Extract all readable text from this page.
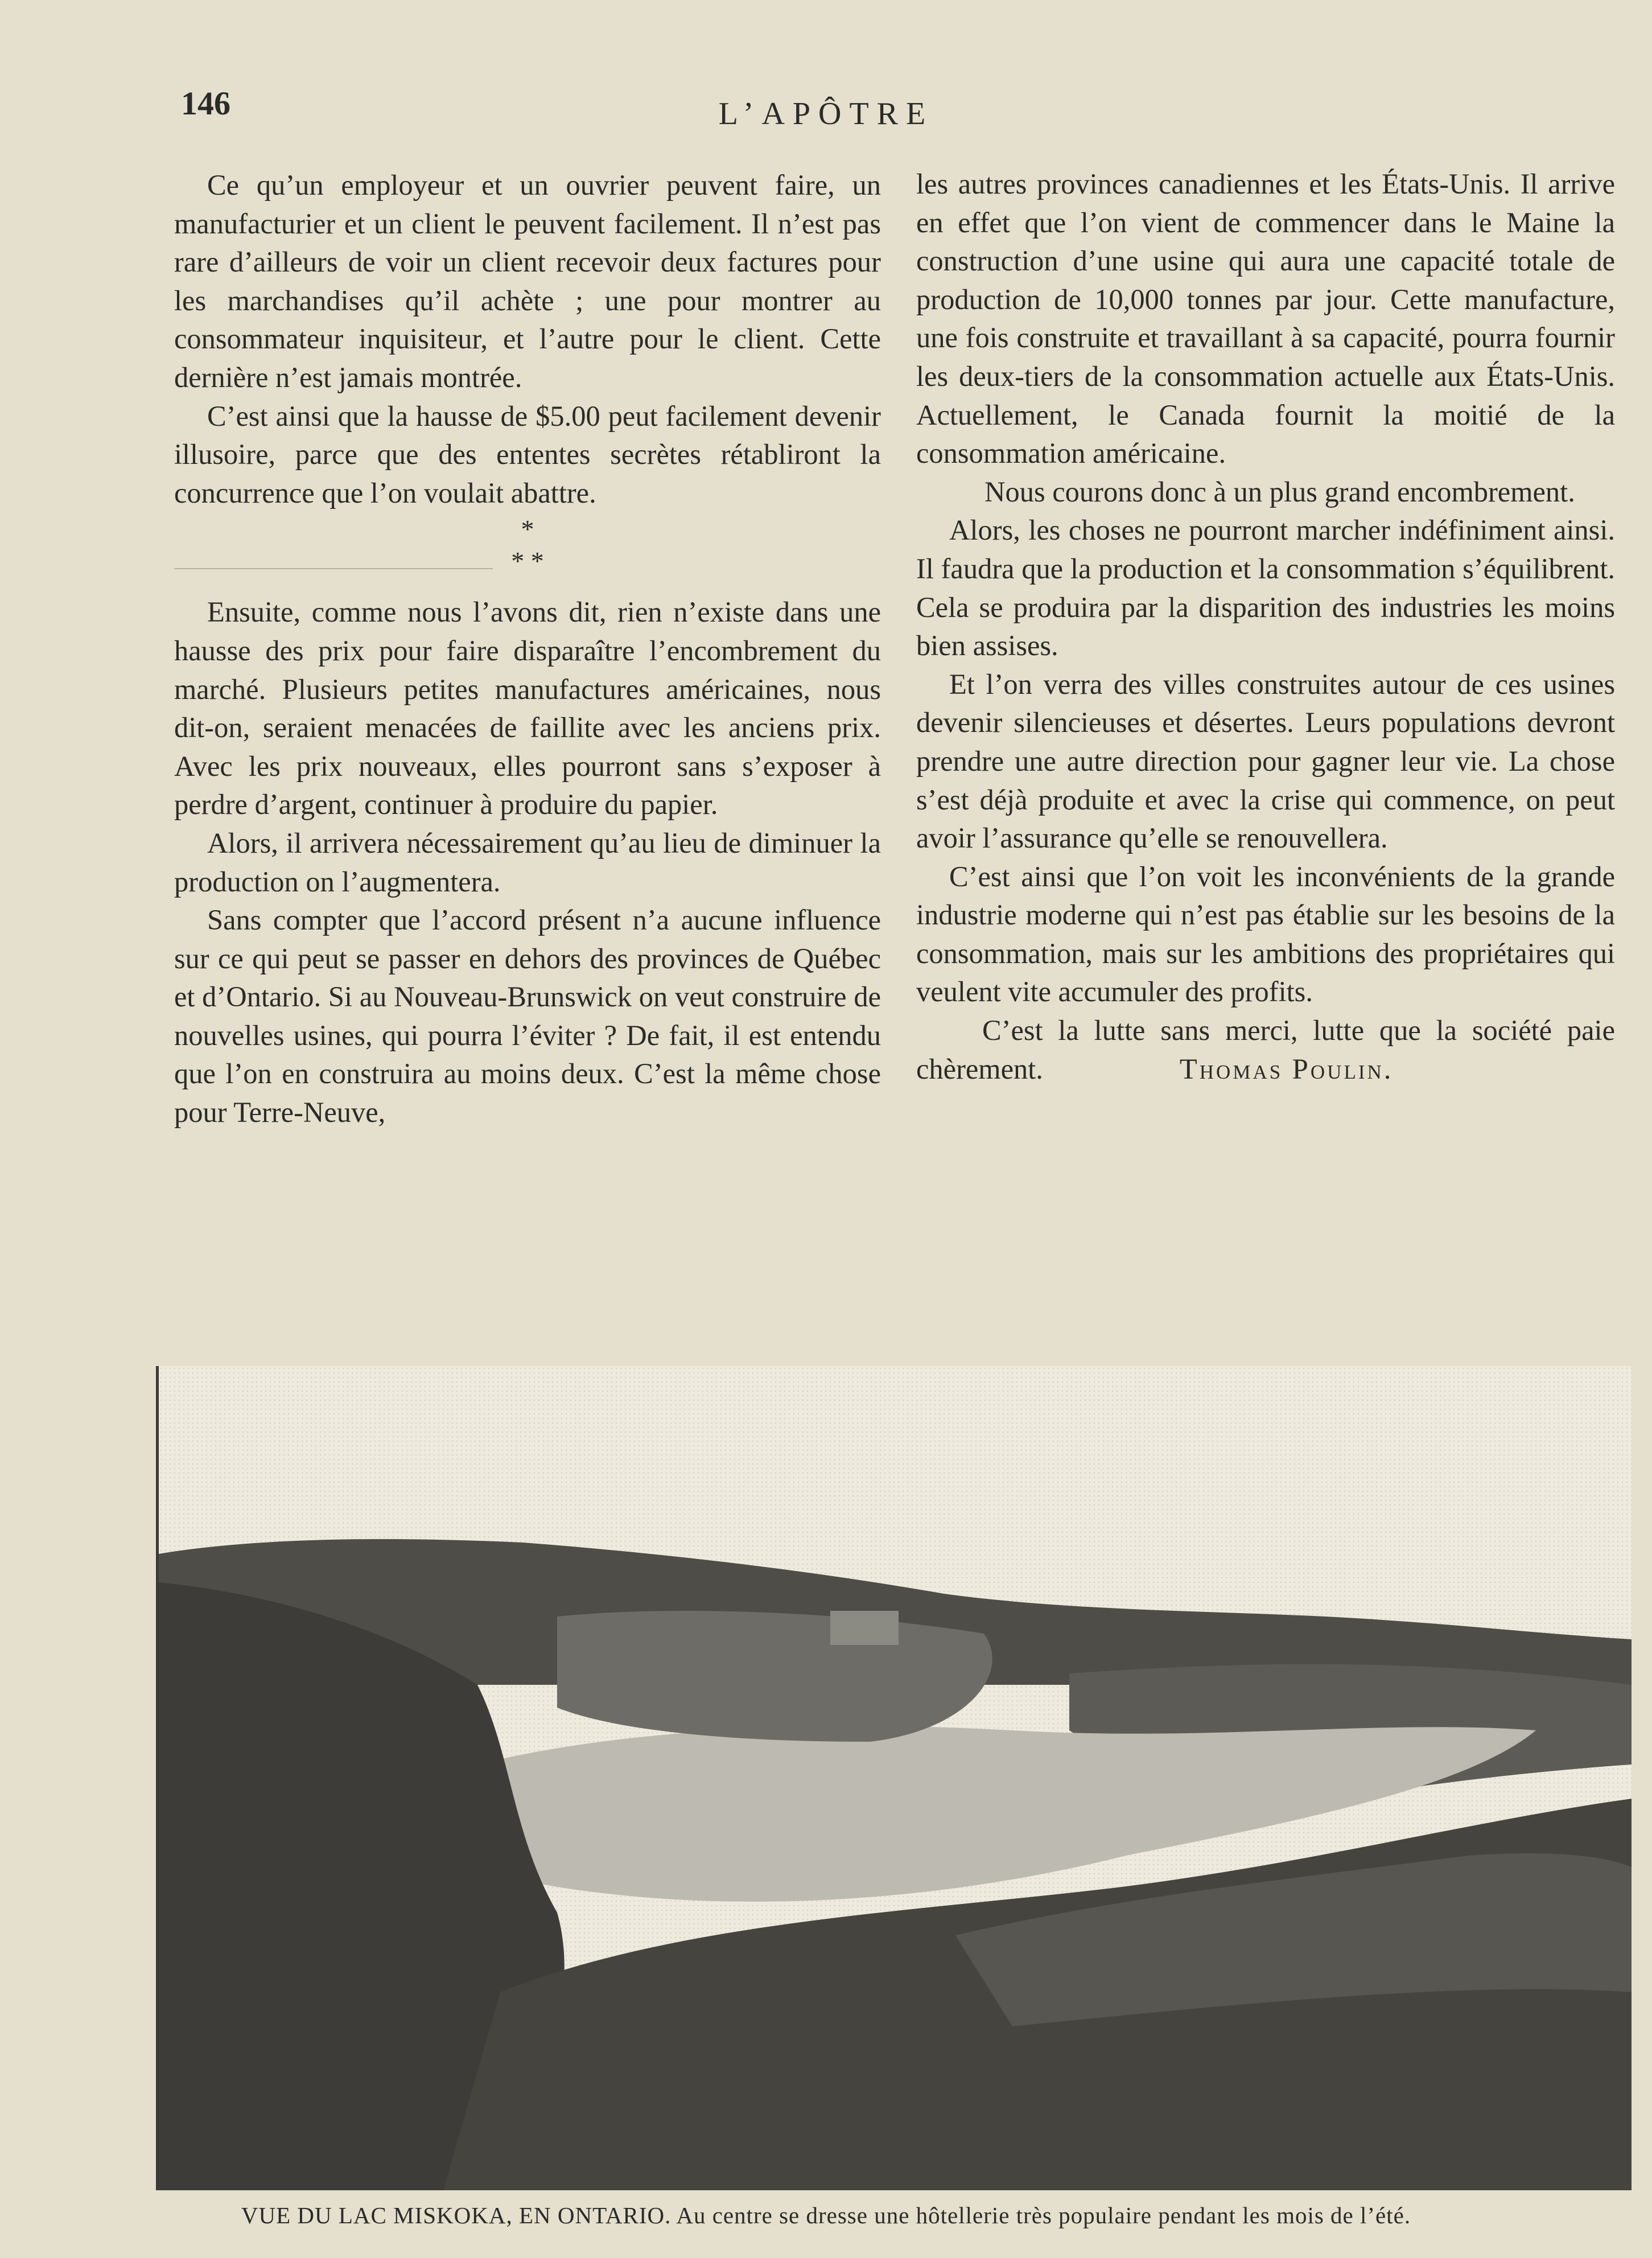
146	L’APÔTRE

Ce qu’un employeur et un ouvrier peuvent faire, un manufacturier et un client le peuvent facilement. Il n’est pas rare d’ailleurs de voir un client recevoir deux factures pour les marchandises qu’il achète ; une pour montrer au consommateur inquisiteur, et l’autre pour le client. Cette dernière n’est jamais montrée.

C’est ainsi que la hausse de $5.00 peut facilement devenir illusoire, parce que des ententes secrètes rétabliront la concurrence que l’on voulait abattre.

*
* *

Ensuite, comme nous l’avons dit, rien n’existe dans une hausse des prix pour faire disparaître l’encombrement du marché. Plusieurs petites manufactures américaines, nous dit-on, seraient menacées de faillite avec les anciens prix. Avec les prix nouveaux, elles pourront sans s’exposer à perdre d’argent, continuer à produire du papier.

Alors, il arrivera nécessairement qu’au lieu de diminuer la production on l’augmentera.

Sans compter que l’accord présent n’a aucune influence sur ce qui peut se passer en dehors des provinces de Québec et d’Ontario. Si au Nouveau-Brunswick on veut construire de nouvelles usines, qui pourra l’éviter ? De fait, il est entendu que l’on en construira au moins deux. C’est la même chose pour Terre-Neuve,

les autres provinces canadiennes et les États-Unis. Il arrive en effet que l’on vient de commencer dans le Maine la construction d’une usine qui aura une capacité totale de production de 10,000 tonnes par jour. Cette manufacture, une fois construite et travaillant à sa capacité, pourra fournir les deux-tiers de la consommation actuelle aux États-Unis. Actuellement, le Canada fournit la moitié de la consommation américaine.

Nous courons donc à un plus grand encombrement.

Alors, les choses ne pourront marcher indéfiniment ainsi. Il faudra que la production et la consommation s’équilibrent. Cela se produira par la disparition des industries les moins bien assises.

Et l’on verra des villes construites autour de ces usines devenir silencieuses et désertes. Leurs populations devront prendre une autre direction pour gagner leur vie. La chose s’est déjà produite et avec la crise qui commence, on peut avoir l’assurance qu’elle se renouvellera.

C’est ainsi que l’on voit les inconvénients de la grande industrie moderne qui n’est pas établie sur les besoins de la consommation, mais sur les ambitions des propriétaires qui veulent vite accumuler des profits.

C’est la lutte sans merci, lutte que la société paie chèrement.	Thomas Poulin.

VUE DU LAC MISKOKA, EN ONTARIO. Au centre se dresse une hôtellerie très populaire pendant les mois de l’été.
